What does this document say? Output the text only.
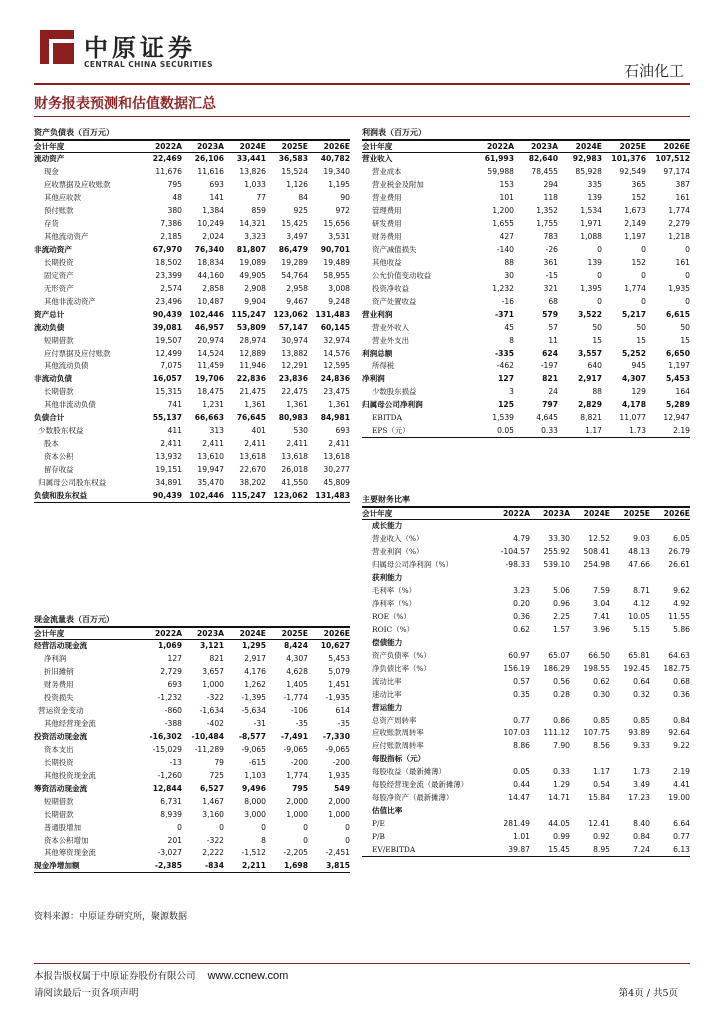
中原证券
CENTRAL CHINA SECURITIES	石油化工
财务报表预测和估值数据汇总
资产负债表（百万元）
会计年度	2022A	2023A	2024E	2025E	2026E
流动资产	22,469	26,106	33,441	36,583	40,782
现金	11,676	11,616	13,826	15,524	19,340
应收票据及应收账款	795	693	1,033	1,126	1,195
其他应收款	48	141	77	84	90
预付账款	380	1,384	859	925	972
存货	7,386	10,249	14,321	15,425	15,656
其他流动资产	2,185	2,024	3,323	3,497	3,531
非流动资产	67,970	76,340	81,807	86,479	90,701
长期投资	18,502	18,834	19,089	19,289	19,489
固定资产	23,399	44,160	49,905	54,764	58,955
无形资产	2,574	2,858	2,908	2,958	3,008
其他非流动资产	23,496	10,487	9,904	9,467	9,248
资产总计	90,439 102,446 115,247 123,062 131,483
流动负债	39,081	46,957	53,809	57,147	60,145
短期借款	19,507	20,974	28,974	30,974	32,974
应付票据及应付账款	12,499	14,524	12,889	13,882	14,576
其他流动负债	7,075	11,459	11,946	12,291	12,595
非流动负债	16,057	19,706	22,836	23,836	24,836
长期借款	15,315	18,475	21,475	22,475	23,475
其他非流动负债	741	1,231	1,361	1,361	1,361
负债合计	55,137	66,663	76,645	80,983	84,981
少数股东权益	411	313	401	530	693
股本	2,411	2,411	2,411	2,411	2,411
资本公积	13,932	13,610	13,618	13,618	13,618
留存收益	19,151	19,947	22,670	26,018	30,277
归属母公司股东权益	34,891	35,470	38,202	41,550	45,809
负债和股东权益	90,439 102,446 115,247 123,062 131,483
利润表（百万元）
会计年度	2022A	2023A	2024E	2025E	2026E
营业收入	61,993	82,640	92,983	101,376	107,512
营业成本	59,988	78,455	85,928	92,549	97,174
营业税金及附加	153	294	335	365	387
营业费用	101	118	139	152	161
管理费用	1,200	1,352	1,534	1,673	1,774
研发费用	1,655	1,755	1,971	2,149	2,279
财务费用	427	783	1,088	1,197	1,218
资产减值损失	-140	-26	0	0	0
其他收益	88	361	139	152	161
公允价值变动收益	30	-15	0	0	0
投资净收益	1,232	321	1,395	1,774	1,935
资产处置收益	-16	68	0	0	0
营业利润	-371	579	3,522	5,217	6,615
营业外收入	45	57	50	50	50
营业外支出	8	11	15	15	15
利润总额	-335	624	3,557	5,252	6,650
所得税	-462	-197	640	945	1,197
净利润	127	821	2,917	4,307	5,453
少数股东损益	3	24	88	129	164
归属母公司净利润	125	797	2,829	4,178	5,289
EBITDA	1,539	4,645	8,821	11,077	12,947
EPS（元）	0.05	0.33	1.17	1.73	2.19
主要财务比率
会计年度	2022A	2023A	2024E	2025E	2026E
成长能力
营业收入（%）	4.79	33.30	12.52	9.03	6.05
营业利润（%）	-104.57	255.92	508.41	48.13	26.79
归属母公司净利润（%）	-98.33	539.10	254.98	47.66	26.61
获利能力
毛利率（%）	3.23	5.06	7.59	8.71	9.62
净利率（%）	0.20	0.96	3.04	4.12	4.92
ROE（%）	0.36	2.25	7.41	10.05	11.55
ROIC（%）	0.62	1.57	3.96	5.15	5.86
偿债能力
资产负债率（%）	60.97	65.07	66.50	65.81	64.63
净负债比率（%）	156.19	186.29	198.55	192.45	182.75
流动比率	0.57	0.56	0.62	0.64	0.68
速动比率	0.35	0.28	0.30	0.32	0.36
营运能力
总资产周转率	0.77	0.86	0.85	0.85	0.84
应收账款周转率	107.03	111.12	107.75	93.89	92.64
应付账款周转率	8.86	7.90	8.56	9.33	9.22
每股指标（元）
每股收益（最新摊薄）	0.05	0.33	1.17	1.73	2.19
每股经营现金流（最新摊薄）	0.44	1.29	0.54	3.49	4.41
每股净资产（最新摊薄）	14.47	14.71	15.84	17.23	19.00
估值比率
P/E	281.49	44.05	12.41	8.40	6.64
P/B	1.01	0.99	0.92	0.84	0.77
EV/EBITDA	39.87	15.45	8.95	7.24	6.13
现金流量表（百万元）
会计年度	2022A	2023A	2024E	2025E	2026E
经营活动现金流	1,069	3,121	1,295	8,424	10,627
净利润	127	821	2,917	4,307	5,453
折旧摊销	2,729	3,657	4,176	4,628	5,079
财务费用	693	1,000	1,262	1,405	1,451
投资损失	-1,232	-322	-1,395	-1,774	-1,935
营运资金变动	-860	-1,634	-5,634	-106	614
其他经营现金流	-388	-402	-31	-35	-35
投资活动现金流	-16,302	-10,484	-8,577	-7,491	-7,330
资本支出	-15,029	-11,289	-9,065	-9,065	-9,065
长期投资	-13	79	-615	-200	-200
其他投资现金流	-1,260	725	1,103	1,774	1,935
筹资活动现金流	12,844	6,527	9,496	795	549
短期借款	6,731	1,467	8,000	2,000	2,000
长期借款	8,939	3,160	3,000	1,000	1,000
普通股增加	0	0	0	0	0
资本公积增加	201	-322	8	0	0
其他筹资现金流	-3,027	2,222	-1,512	-2,205	-2,451
现金净增加额	-2,385	-834	2,211	1,698	3,815
资料来源：中原证券研究所，聚源数据
本报告版权属于中原证券股份有限公司 www.ccnew.com
请阅读最后一页各项声明	第4页 / 共5页
